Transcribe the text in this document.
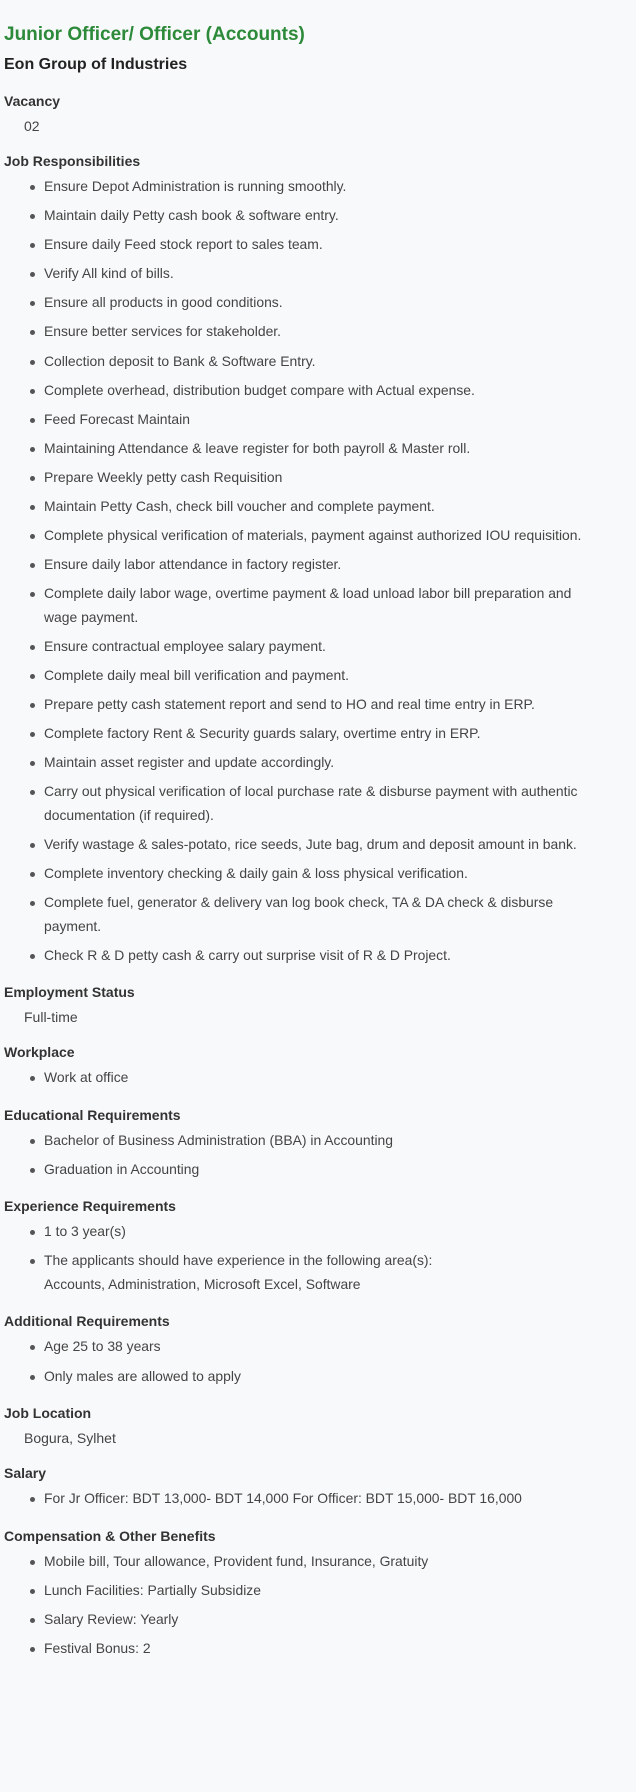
Junior Officer/ Officer (Accounts)
Eon Group of Industries
Vacancy
02
Job Responsibilities
Ensure Depot Administration is running smoothly.
Maintain daily Petty cash book & software entry.
Ensure daily Feed stock report to sales team.
Verify All kind of bills.
Ensure all products in good conditions.
Ensure better services for stakeholder.
Collection deposit to Bank & Software Entry.
Complete overhead, distribution budget compare with Actual expense.
Feed Forecast Maintain
Maintaining Attendance & leave register for both payroll & Master roll.
Prepare Weekly petty cash Requisition
Maintain Petty Cash, check bill voucher and complete payment.
Complete physical verification of materials, payment against authorized IOU requisition.
Ensure daily labor attendance in factory register.
Complete daily labor wage, overtime payment & load unload labor bill preparation and wage payment.
Ensure contractual employee salary payment.
Complete daily meal bill verification and payment.
Prepare petty cash statement report and send to HO and real time entry in ERP.
Complete factory Rent & Security guards salary, overtime entry in ERP.
Maintain asset register and update accordingly.
Carry out physical verification of local purchase rate & disburse payment with authentic documentation (if required).
Verify wastage & sales-potato, rice seeds, Jute bag, drum and deposit amount in bank.
Complete inventory checking & daily gain & loss physical verification.
Complete fuel, generator & delivery van log book check, TA & DA check & disburse payment.
Check R & D petty cash & carry out surprise visit of R & D Project.
Employment Status
Full-time
Workplace
Work at office
Educational Requirements
Bachelor of Business Administration (BBA) in Accounting
Graduation in Accounting
Experience Requirements
1 to 3 year(s)
The applicants should have experience in the following area(s):
Accounts, Administration, Microsoft Excel, Software
Additional Requirements
Age 25 to 38 years
Only males are allowed to apply
Job Location
Bogura, Sylhet
Salary
For Jr Officer: BDT 13,000- BDT 14,000 For Officer: BDT 15,000- BDT 16,000
Compensation & Other Benefits
Mobile bill, Tour allowance, Provident fund, Insurance, Gratuity
Lunch Facilities: Partially Subsidize
Salary Review: Yearly
Festival Bonus: 2
